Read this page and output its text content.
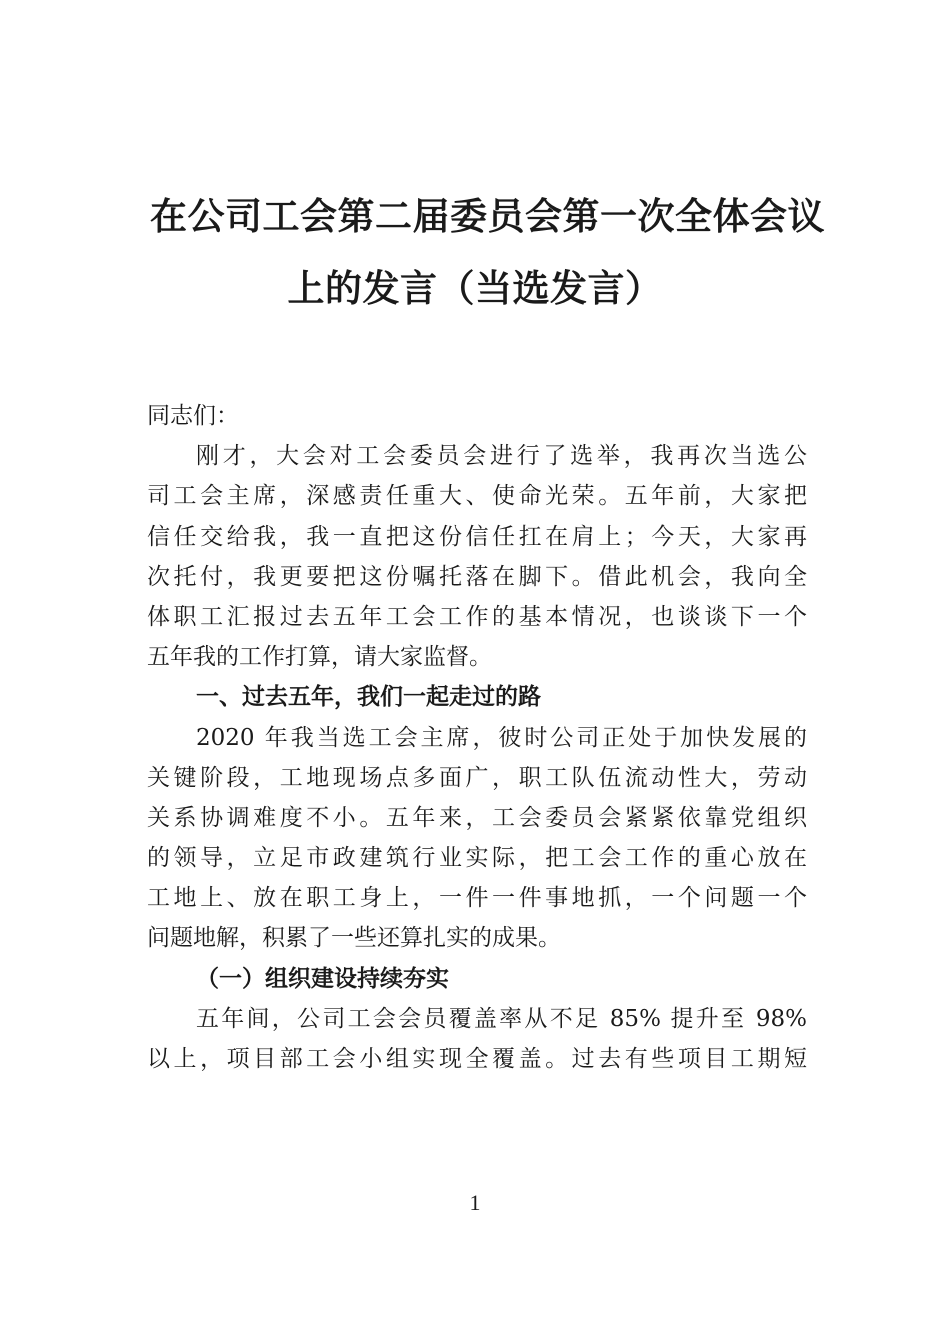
在公司工会第二届委员会第一次全体会议
上的发言（当选发言）
同志们：
刚才，大会对工会委员会进行了选举，我再次当选公
司工会主席，深感责任重大、使命光荣。五年前，大家把
信任交给我，我一直把这份信任扛在肩上；今天，大家再
次托付，我更要把这份嘱托落在脚下。借此机会，我向全
体职工汇报过去五年工会工作的基本情况，也谈谈下一个
五年我的工作打算，请大家监督。
一、过去五年，我们一起走过的路
2020 年我当选工会主席，彼时公司正处于加快发展的
关键阶段，工地现场点多面广，职工队伍流动性大，劳动
关系协调难度不小。五年来，工会委员会紧紧依靠党组织
的领导，立足市政建筑行业实际，把工会工作的重心放在
工地上、放在职工身上，一件一件事地抓，一个问题一个
问题地解，积累了一些还算扎实的成果。
（一）组织建设持续夯实
五年间，公司工会会员覆盖率从不足 85% 提升至 98%
以上，项目部工会小组实现全覆盖。过去有些项目工期短
1
